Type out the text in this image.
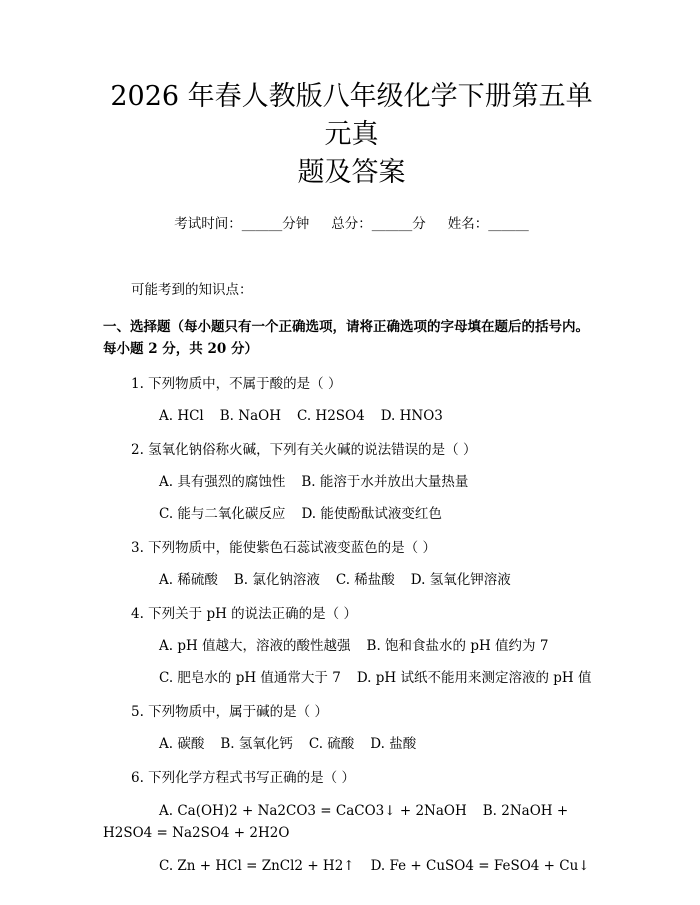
2026 年春人教版八年级化学下册第五单元真
题及答案
考试时间：______分钟 总分：______分 姓名：______
可能考到的知识点：
一、选择题（每小题只有一个正确选项，请将正确选项的字母填在题后的括号内。每小题 2 分，共 20 分）
1. 下列物质中，不属于酸的是（ ）
A. HCl B. NaOH C. H2SO4 D. HNO3
2. 氢氧化钠俗称火碱，下列有关火碱的说法错误的是（ ）
A. 具有强烈的腐蚀性 B. 能溶于水并放出大量热量
C. 能与二氧化碳反应 D. 能使酚酞试液变红色
3. 下列物质中，能使紫色石蕊试液变蓝色的是（ ）
A. 稀硫酸 B. 氯化钠溶液 C. 稀盐酸 D. 氢氧化钾溶液
4. 下列关于 pH 的说法正确的是（ ）
A. pH 值越大，溶液的酸性越强 B. 饱和食盐水的 pH 值约为 7
C. 肥皂水的 pH 值通常大于 7 D. pH 试纸不能用来测定溶液的 pH 值
5. 下列物质中，属于碱的是（ ）
A. 碳酸 B. 氢氧化钙 C. 硫酸 D. 盐酸
6. 下列化学方程式书写正确的是（ ）
A. Ca(OH)2 + Na2CO3 = CaCO3↓ + 2NaOH B. 2NaOH + H2SO4 = Na2SO4 + 2H2O
C. Zn + HCl = ZnCl2 + H2↑ D. Fe + CuSO4 = FeSO4 + Cu↓
